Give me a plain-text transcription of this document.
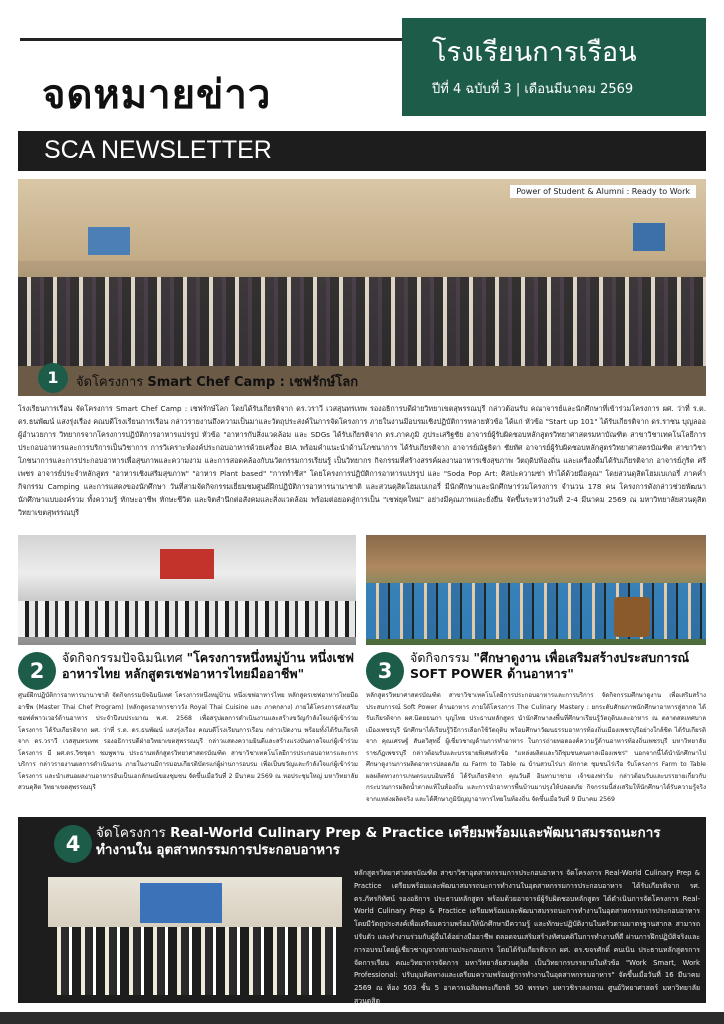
จดหมายข่าว
โรงเรียนการเรือน
ปีที่ 4 ฉบับที่ 3 | เดือนมีนาคม 2569
SCA NEWSLETTER
Power of Student & Alumni : Ready to Work
1	จัดโครงการ Smart Chef Camp : เชฟรักษ์โลก
โรงเรียนการเรือน จัดโครงการ Smart Chef Camp : เชฟรักษ์โลก โดยได้รับเกียรติจาก ดร.วราวี เวสสุนทรเทพ รองอธิการบดีฝ่ายวิทยาเขตสุพรรณบุรี กล่าวต้อนรับ คณาจารย์และนักศึกษาที่เข้าร่วมโครงการ ผศ. ว่าที่ ร.ต. ดร.ธนพัฒน์ แสงรุ่งเรือง คณบดีโรงเรียนการเรือน กล่าวรายงานถึงความเป็นมาและวัตถุประสงค์ในการจัดโครงการ ภายในงานมีอบรมเชิงปฏิบัติการหลายหัวข้อ ได้แก่ หัวข้อ "Start up 101" ได้รับเกียรติจาก ดร.ราชน บุญลออ ผู้อำนวยการ วิทยากรจากโครงการปฏิบัติการอาหารแปรรูป หัวข้อ "อาหารกับสิ่งแวดล้อม และ SDGs ได้รับเกียรติจาก ดร.ภาคภูมิ ภูประเสริฐชัย อาจารย์ผู้รับผิดชอบหลักสูตรวิทยาศาสตรมหาบัณฑิต สาขาวิชาเทคโนโลยีการประกอบอาหารและการบริการเป็นวิชาการ การวิเคราะห์องค์ประกอบอาหารด้วยเครื่อง BIA พร้อมคำแนะนำด้านโภชนาการ ได้รับเกียรติจาก อาจารย์ณัฐธิดา ชัยทัศ อาจารย์ผู้รับผิดชอบหลักสูตรวิทยาศาสตรบัณฑิต สาขาวิชาโภชนาการและการประกอบอาหารเพื่อสุขภาพและความงาม และการสอดคล้องกับนวัตกรรมการเรียนรู้ เป็นวิทยากร กิจกรรมที่สร้างสรรค์ผลงานอาหารเชิงสุขภาพ วัตถุดิบท้องถิ่น และเครื่องดื่มได้รับเกียรติจาก อาจารย์ภูริต ศรีเพชร อาจารย์ประจำหลักสูตร "อาหารเชิงเสริมสุขภาพ" "อาหาร Plant based" "การทำชีส" โดยโครงการปฏิบัติการอาหารแปรรูป และ "Soda Pop Art: ศิลปะความซ่า ทำได้ด้วยมือคุณ" โดยสวนดุสิตโฮมเบเกอรี่ ภาคค่ำกิจกรรม Camping และการแสดงของนักศึกษา วันที่สามจัดกิจกรรมเยี่ยมชมศูนย์ฝึกปฏิบัติการอาหารนานาชาติ และสวนดุสิตโฮมเบเกอรี่ มีนักศึกษาและนักศึกษาร่วมโครงการ จำนวน 178 คน โครงการดังกล่าวช่วยพัฒนานักศึกษาแบบองค์รวม ทั้งความรู้ ทักษะอาชีพ ทักษะชีวิต และจิตสำนึกต่อสังคมและสิ่งแวดล้อม พร้อมต่อยอดสู่การเป็น "เชฟยุคใหม่" อย่างมีคุณภาพและยั่งยืน จัดขึ้นระหว่างวันที่ 2-4 มีนาคม 2569 ณ มหาวิทยาลัยสวนดุสิต วิทยาเขตสุพรรณบุรี
2
จัดกิจกรรมปัจฉิมนิเทศ "โครงการหนึ่งหมู่บ้าน หนึ่งเชฟ อาหารไทย หลักสูตรเชฟอาหารไทยมืออาชีพ"
ศูนย์ฝึกปฏิบัติการอาหารนานาชาติ จัดกิจกรรมปัจฉิมนิเทศ โครงการหนึ่งหมู่บ้าน หนึ่งเชฟอาหารไทย หลักสูตรเชฟอาหารไทยมืออาชีพ (Master Thai Chef Program) (หลักสูตรอาหารชาววัง Royal Thai Cuisine และ ภาคกลาง) ภายใต้โครงการส่งเสริมซอฟต์พาวเวอร์ด้านอาหาร ประจำปีงบประมาณ พ.ศ. 2568 เพื่อสรุปผลการดำเนินงานและสร้างขวัญกำลังใจแก่ผู้เข้าร่วมโครงการ ได้รับเกียรติจาก ผศ. ว่าที่ ร.ต. ดร.ธนพัฒน์ แสงรุ่งเรือง คณบดีโรงเรียนการเรือน กล่าวเปิดงาน พร้อมทั้งได้รับเกียรติจาก ดร.วราวี เวสสุนทรเทพ รองอธิการบดีฝ่ายวิทยาเขตสุพรรณบุรี กล่าวแสดงความยินดีและสร้างแรงบันดาลใจแก่ผู้เข้าร่วมโครงการ มี ผศ.ดร.วิชชุดา ชมพูพาน ประธานหลักสูตรวิทยาศาสตรบัณฑิต สาขาวิชาเทคโนโลยีการประกอบอาหารและการบริการ กล่าวรายงานผลการดำเนินงาน ภายในงานมีการมอบเกียรติบัตรแก่ผู้ผ่านการอบรม เพื่อเป็นขวัญและกำลังใจแก่ผู้เข้าร่วมโครงการ และนำเสนอผลงานอาหารอันเป็นเอกลักษณ์ของชุมชน จัดขึ้นเมื่อวันที่ 2 มีนาคม 2569 ณ หอประชุมใหญ่ มหาวิทยาลัยสวนดุสิต วิทยาเขตสุพรรณบุรี
3
จัดกิจกรรม "ศึกษาดูงาน เพื่อเสริมสร้างประสบการณ์ SOFT POWER ด้านอาหาร"
หลักสูตรวิทยาศาสตรบัณฑิต สาขาวิชาเทคโนโลยีการประกอบอาหารและการบริการ จัดกิจกรรมศึกษาดูงาน เพื่อเสริมสร้างประสบการณ์ Soft Power ด้านอาหาร ภายใต้โครงการ The Culinary Mastery : ยกระดับศักยภาพนักศึกษาอาหารสู่สากล ได้รับเกียรติจาก ผศ.นิตยธนภา บุญไทย ประธานหลักสูตร นำนักศึกษาลงพื้นที่ศึกษาเรียนรู้วัตถุดิบและอาหาร ณ ตลาดสดเทศบาลเมืองเพชรบุรี นักศึกษาได้เรียนรู้วิธีการเลือกใช้วัตถุดิบ พร้อมศึกษาวัฒนธรรมอาหารท้องถิ่นเมืองเพชรบุรีอย่างใกล้ชิด ได้รับเกียรติจาก คุณเศรษฐ์ สันตวิสุทธิ์ ผู้เชี่ยวชาญด้านการทำอาหาร ในการถ่ายทอดองค์ความรู้ด้านอาหารท้องถิ่นเพชรบุรี มหาวิทยาลัยราชภัฏเพชรบุรี กล่าวต้อนรับและบรรยายพิเศษหัวข้อ "แหล่งผลิตและวิถีชุมชนคนตาลเมืองเพชร" นอกจากนี้ได้นำนักศึกษาไปศึกษาดูงานการผลิตอาหารปลอดภัย ณ Farm to Table ณ บ้านสวนไร่นา ผักกาด ชุมชนไร่เรือ รับโครงการ Farm to Table ผลผลิตทางการเกษตรแบบอินทรีย์ ได้รับเกียรติจาก คุณวันดี อินทามาชาย เจ้าของฟาร์ม กล่าวต้อนรับและบรรยายเกี่ยวกับกระบวนการผลิตน้ำตาลแท้ในท้องถิ่น และการนำอาหารพื้นบ้านมาปรุงให้ปลอดภัย กิจกรรมนี้ส่งเสริมให้นักศึกษาได้รับความรู้จริงจากแหล่งผลิตจริง และได้ศึกษาภูมิปัญญาอาหารไทยในท้องถิ่น จัดขึ้นเมื่อวันที่ 9 มีนาคม 2569
4	จัดโครงการ Real-World Culinary Prep & Practice เตรียมพร้อมและพัฒนาสมรรถนะการทำงานใน อุตสาหกรรมการประกอบอาหาร
หลักสูตรวิทยาศาสตรบัณฑิต สาขาวิชาอุตสาหกรรมการประกอบอาหาร จัดโครงการ Real-World Culinary Prep & Practice เตรียมพร้อมและพัฒนาสมรรถนะการทำงานในอุตสาหกรรมการประกอบอาหาร ได้รับเกียรติจาก รศ. ดร.ภัทรกิทัศน์ รองอธิการ ประธานหลักสูตร พร้อมด้วยอาจารย์ผู้รับผิดชอบหลักสูตร ได้ดำเนินการจัดโครงการ Real-World Culinary Prep & Practice เตรียมพร้อมและพัฒนาสมรรถนะการทำงานในอุตสาหกรรมการประกอบอาหาร โดยมีวัตถุประสงค์เพื่อเตรียมความพร้อมให้นักศึกษามีความรู้ และทักษะปฏิบัติงานในครัวตามมาตรฐานสากล สามารถปรับตัว และทำงานร่วมกับผู้อื่นได้อย่างมืออาชีพ ตลอดจนเสริมสร้างทัศนคติในการทำงานที่ดี ผ่านการฝึกปฏิบัติจริงและการอบรมโดยผู้เชี่ยวชาญจากสถานประกอบการ โดยได้รับเกียรติจาก ผศ. ดร.ขจรศักดิ์ คนเนิน ประธานหลักสูตรการจัดการเรียน คณะวิทยาการจัดการ มหาวิทยาลัยสวนดุสิต เป็นวิทยากรบรรยายในหัวข้อ "Work Smart, Work Professional: ปรับมุมคิดทางและเตรียมความพร้อมสู่การทำงานในอุตสาหกรรมอาหาร" จัดขึ้นเมื่อวันที่ 16 มีนาคม 2569 ณ ห้อง 503 ชั้น 5 อาคารเฉลิมพระเกียรติ 50 พรรษา มหาวชิราลงกรณ ศูนย์วิทยาศาสตร์ มหาวิทยาลัยสวนดุสิต
